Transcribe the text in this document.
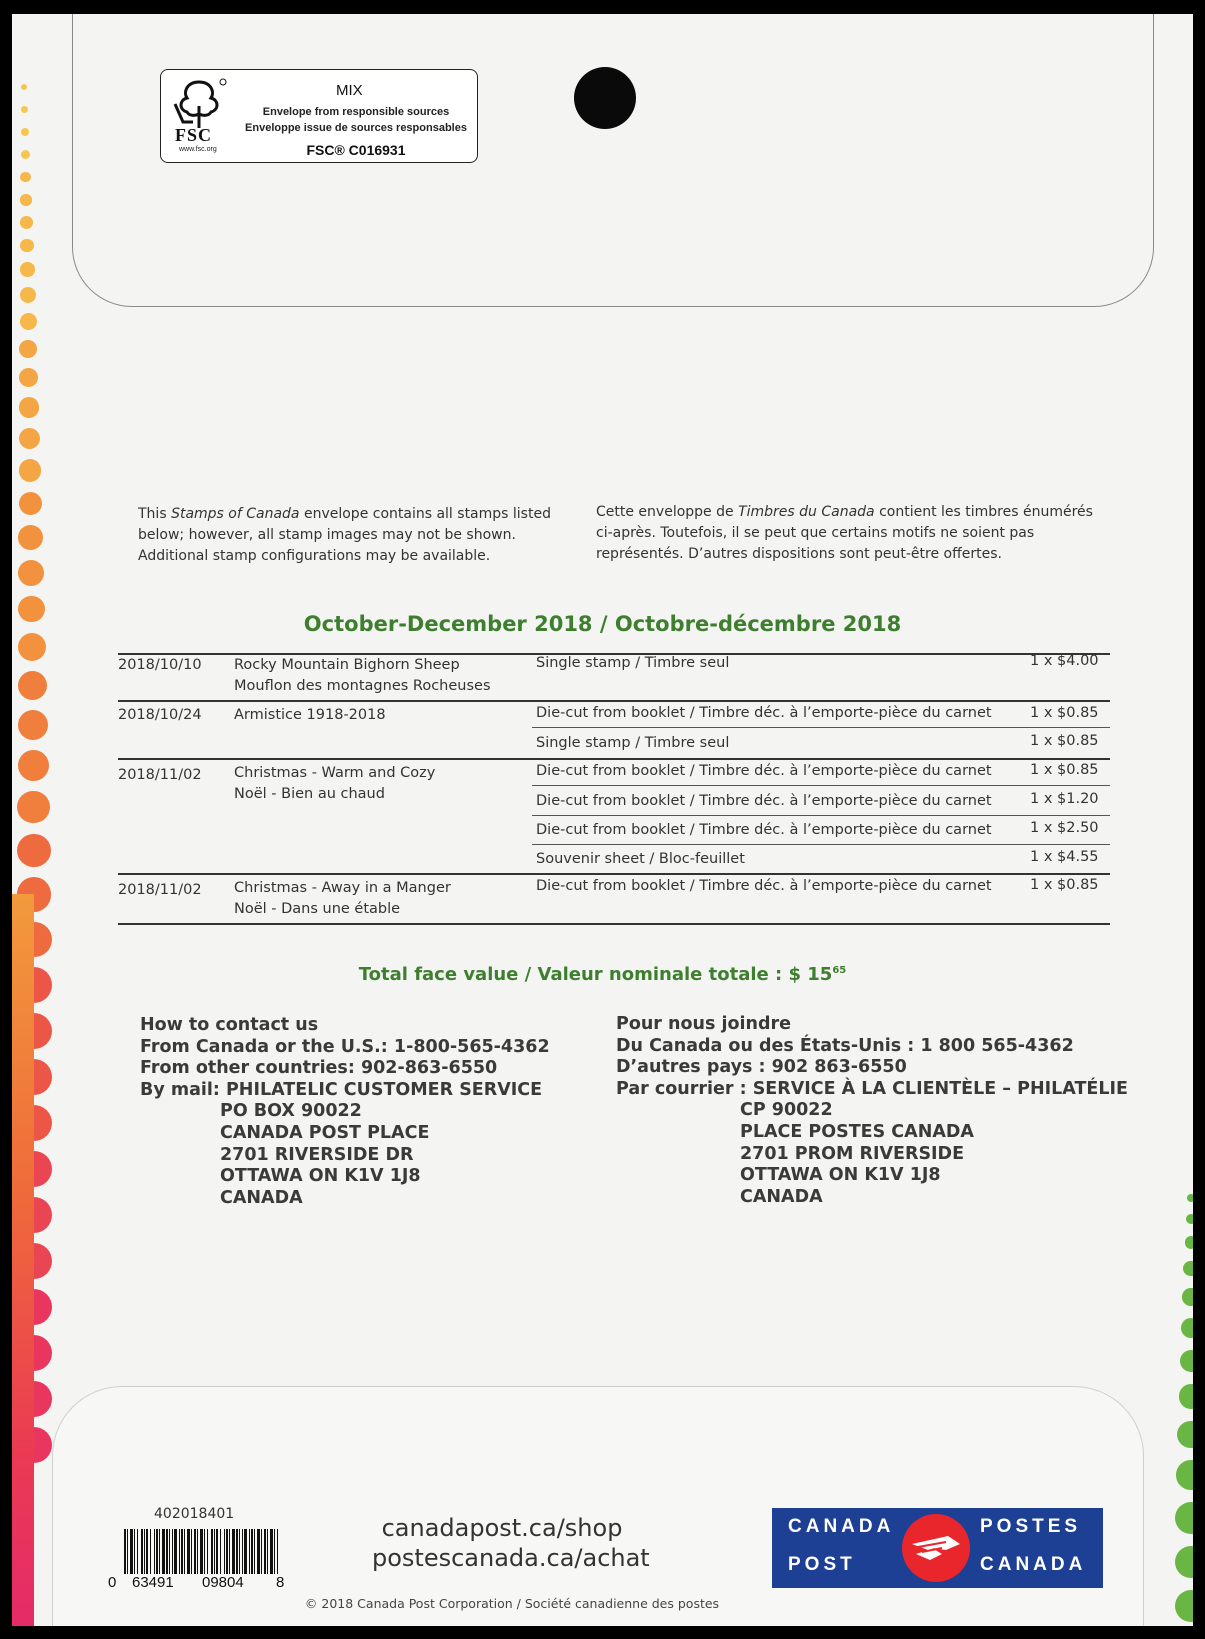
FSC
www.fsc.org
MIX
Envelope from responsible sources
Enveloppe issue de sources responsables
FSC® C016931
This Stamps of Canada envelope contains all stamps listed
below; however, all stamp images may not be shown.
Additional stamp configurations may be available.
Cette enveloppe de Timbres du Canada contient les timbres énumérés
ci-après. Toutefois, il se peut que certains motifs ne soient pas
représentés. D’autres dispositions sont peut-être offertes.
October-December 2018 / Octobre-décembre 2018
2018/10/10 Rocky Mountain Bighorn Sheep
Mouflon des montagnes Rocheuses
Single stamp / Timbre seul	1 x $4.00
2018/10/24 Armistice 1918-2018	Die-cut from booklet / Timbre déc. à l’emporte-pièce du carnet	1 x $0.85
Single stamp / Timbre seul	1 x $0.85
2018/11/02 Christmas - Warm and Cozy
Noël - Bien au chaud
Die-cut from booklet / Timbre déc. à l’emporte-pièce du carnet	1 x $0.85
Die-cut from booklet / Timbre déc. à l’emporte-pièce du carnet	1 x $1.20
Die-cut from booklet / Timbre déc. à l’emporte-pièce du carnet	1 x $2.50
Souvenir sheet / Bloc-feuillet	1 x $4.55
2018/11/02 Christmas - Away in a Manger
Noël - Dans une étable
Die-cut from booklet / Timbre déc. à l’emporte-pièce du carnet	1 x $0.85
Total face value / Valeur nominale totale : $ $15^{65}$
How to contact us
From Canada or the U.S.: 1-800-565-4362
From other countries: 902-863-6550
By mail: PHILATELIC CUSTOMER SERVICE
PO BOX 90022
CANADA POST PLACE
2701 RIVERSIDE DR
OTTAWA ON K1V 1J8
CANADA
Pour nous joindre
Du Canada ou des États-Unis : 1 800 565-4362
D’autres pays : 902 863-6550
Par courrier : SERVICE À LA CLIENTÈLE – PHILATÉLIE
CP 90022
PLACE POSTES CANADA
2701 PROM RIVERSIDE
OTTAWA ON K1V 1J8
CANADA
402018401
0 63491 09804 8
canadapost.ca/shop
postescanada.ca/achat
© 2018 Canada Post Corporation / Société canadienne des postes
CANADA
POST
POSTES
CANADA
